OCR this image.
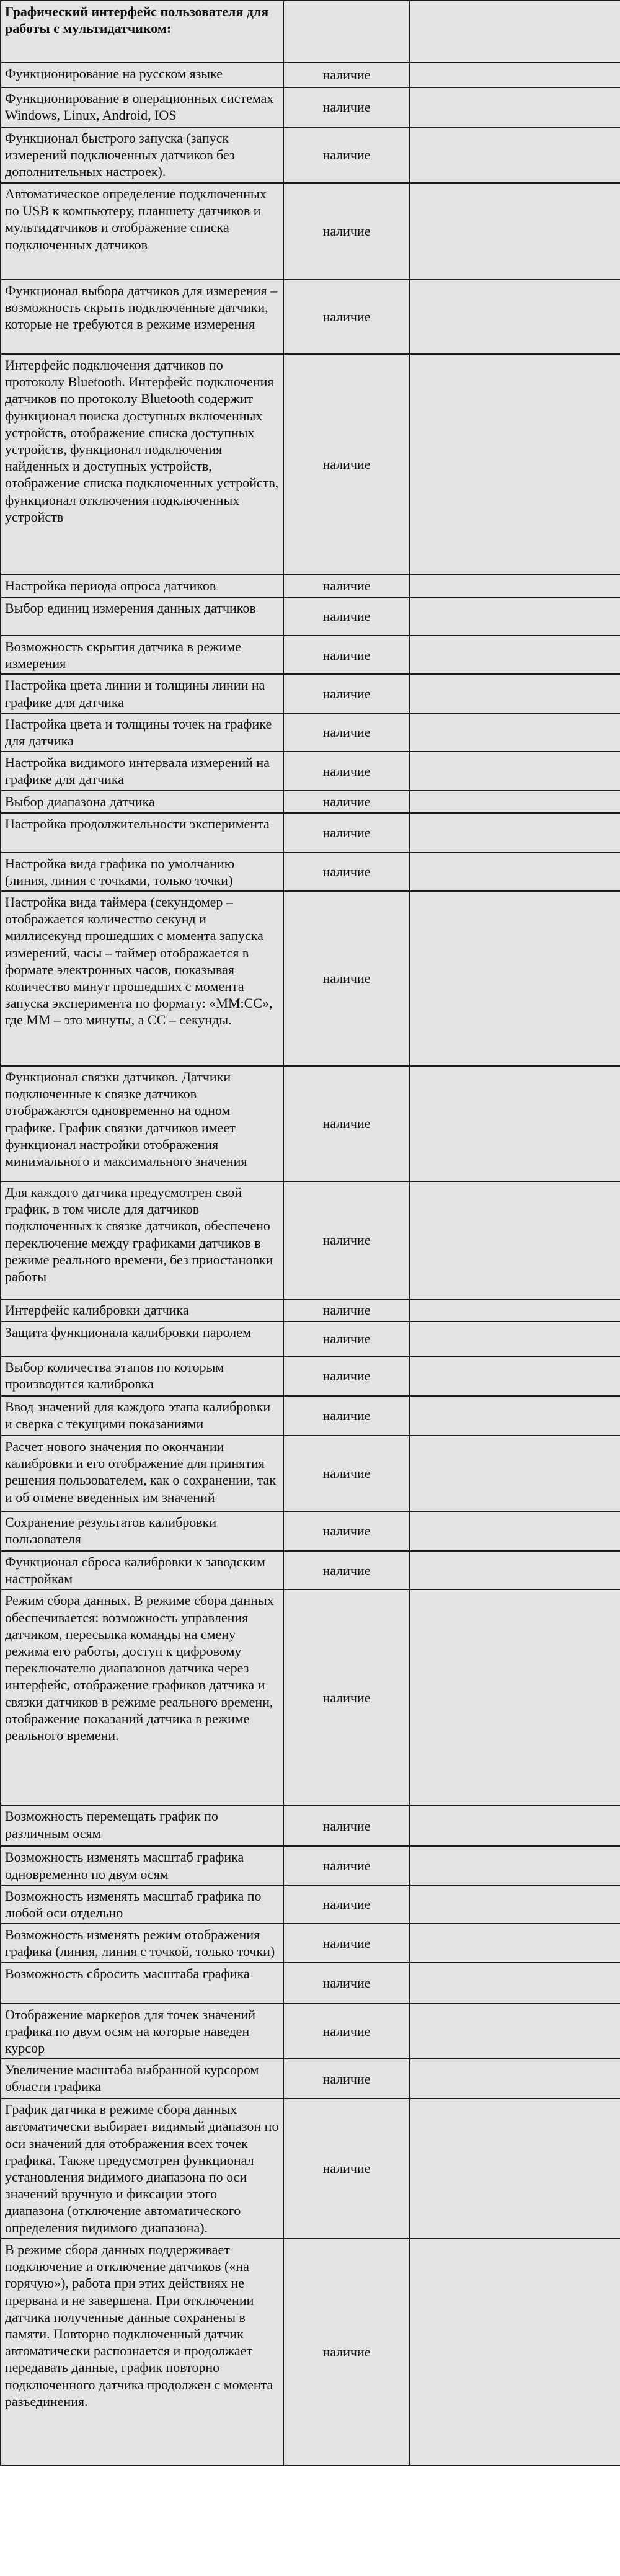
Графический интерфейс пользователя для работы с мультидатчиком:		
Функционирование на русском языке	наличие	
Функционирование в операционных системах Windows, Linux, Android, IOS	наличие	
Функционал быстрого запуска (запуск измерений подключенных датчиков без дополнительных настроек).	наличие	
Автоматическое определение подключенных по USB к компьютеру, планшету датчиков и мультидатчиков и отображение списка подключенных датчиков	наличие	
Функционал выбора датчиков для измерения – возможность скрыть подключенные датчики, которые не требуются в режиме измерения	наличие	
Интерфейс подключения датчиков по протоколу Bluetooth. Интерфейс подключения датчиков по протоколу Bluetooth содержит функционал поиска доступных включенных устройств, отображение списка доступных устройств, функционал подключения найденных и доступных устройств, отображение списка подключенных устройств, функционал отключения подключенных устройств	наличие	
Настройка периода опроса датчиков	наличие	
Выбор единиц измерения данных датчиков	наличие	
Возможность скрытия датчика в режиме измерения	наличие	
Настройка цвета линии и толщины линии на графике для датчика	наличие	
Настройка цвета и толщины точек на графике для датчика	наличие	
Настройка видимого интервала измерений на графике для датчика	наличие	
Выбор диапазона датчика	наличие	
Настройка продолжительности эксперимента	наличие	
Настройка вида графика по умолчанию (линия, линия с точками, только точки)	наличие	
Настройка вида таймера (секундомер – отображается количество секунд и миллисекунд прошедших с момента запуска измерений, часы – таймер отображается в формате электронных часов, показывая количество минут прошедших с момента запуска эксперимента по формату: «ММ:СС», где ММ – это минуты, а СС – секунды.	наличие	
Функционал связки датчиков. Датчики подключенные к связке датчиков отображаются одновременно на одном графике. График связки датчиков имеет функционал настройки отображения минимального и максимального значения	наличие	
Для каждого датчика предусмотрен свой график, в том числе для датчиков подключенных к связке датчиков, обеспечено переключение между графиками датчиков в режиме реального времени, без приостановки работы	наличие	
Интерфейс калибровки датчика	наличие	
Защита функционала калибровки паролем	наличие	
Выбор количества этапов по которым производится калибровка	наличие	
Ввод значений для каждого этапа калибровки и сверка с текущими показаниями	наличие	
Расчет нового значения по окончании калибровки и его отображение для принятия решения пользователем, как о сохранении, так и об отмене введенных им значений	наличие	
Сохранение результатов калибровки пользователя	наличие	
Функционал сброса калибровки к заводским настройкам	наличие	
Режим сбора данных. В режиме сбора данных обеспечивается: возможность управления датчиком, пересылка команды на смену режима его работы, доступ к цифровому переключателю диапазонов датчика через интерфейс, отображение графиков датчика и связки датчиков в режиме реального времени, отображение показаний датчика в режиме реального времени.	наличие	
Возможность перемещать график по различным осям	наличие	
Возможность изменять масштаб графика одновременно по двум осям	наличие	
Возможность изменять масштаб графика по любой оси отдельно	наличие	
Возможность изменять режим отображения графика (линия, линия с точкой, только точки)	наличие	
Возможность сбросить масштаба графика	наличие	
Отображение маркеров для точек значений графика по двум осям на которые наведен курсор	наличие	
Увеличение масштаба выбранной курсором области графика	наличие	
График датчика в режиме сбора данных автоматически выбирает видимый диапазон по оси значений для отображения всех точек графика. Также предусмотрен функционал установления видимого диапазона по оси значений вручную и фиксации этого диапазона (отключение автоматического определения видимого диапазона).	наличие	
В режиме сбора данных поддерживает подключение и отключение датчиков («на горячую»), работа при этих действиях не прервана и не завершена. При отключении датчика полученные данные сохранены в памяти. Повторно подключенный датчик автоматически распознается и продолжает передавать данные, график повторно подключенного датчика продолжен с момента разъединения.	наличие	
